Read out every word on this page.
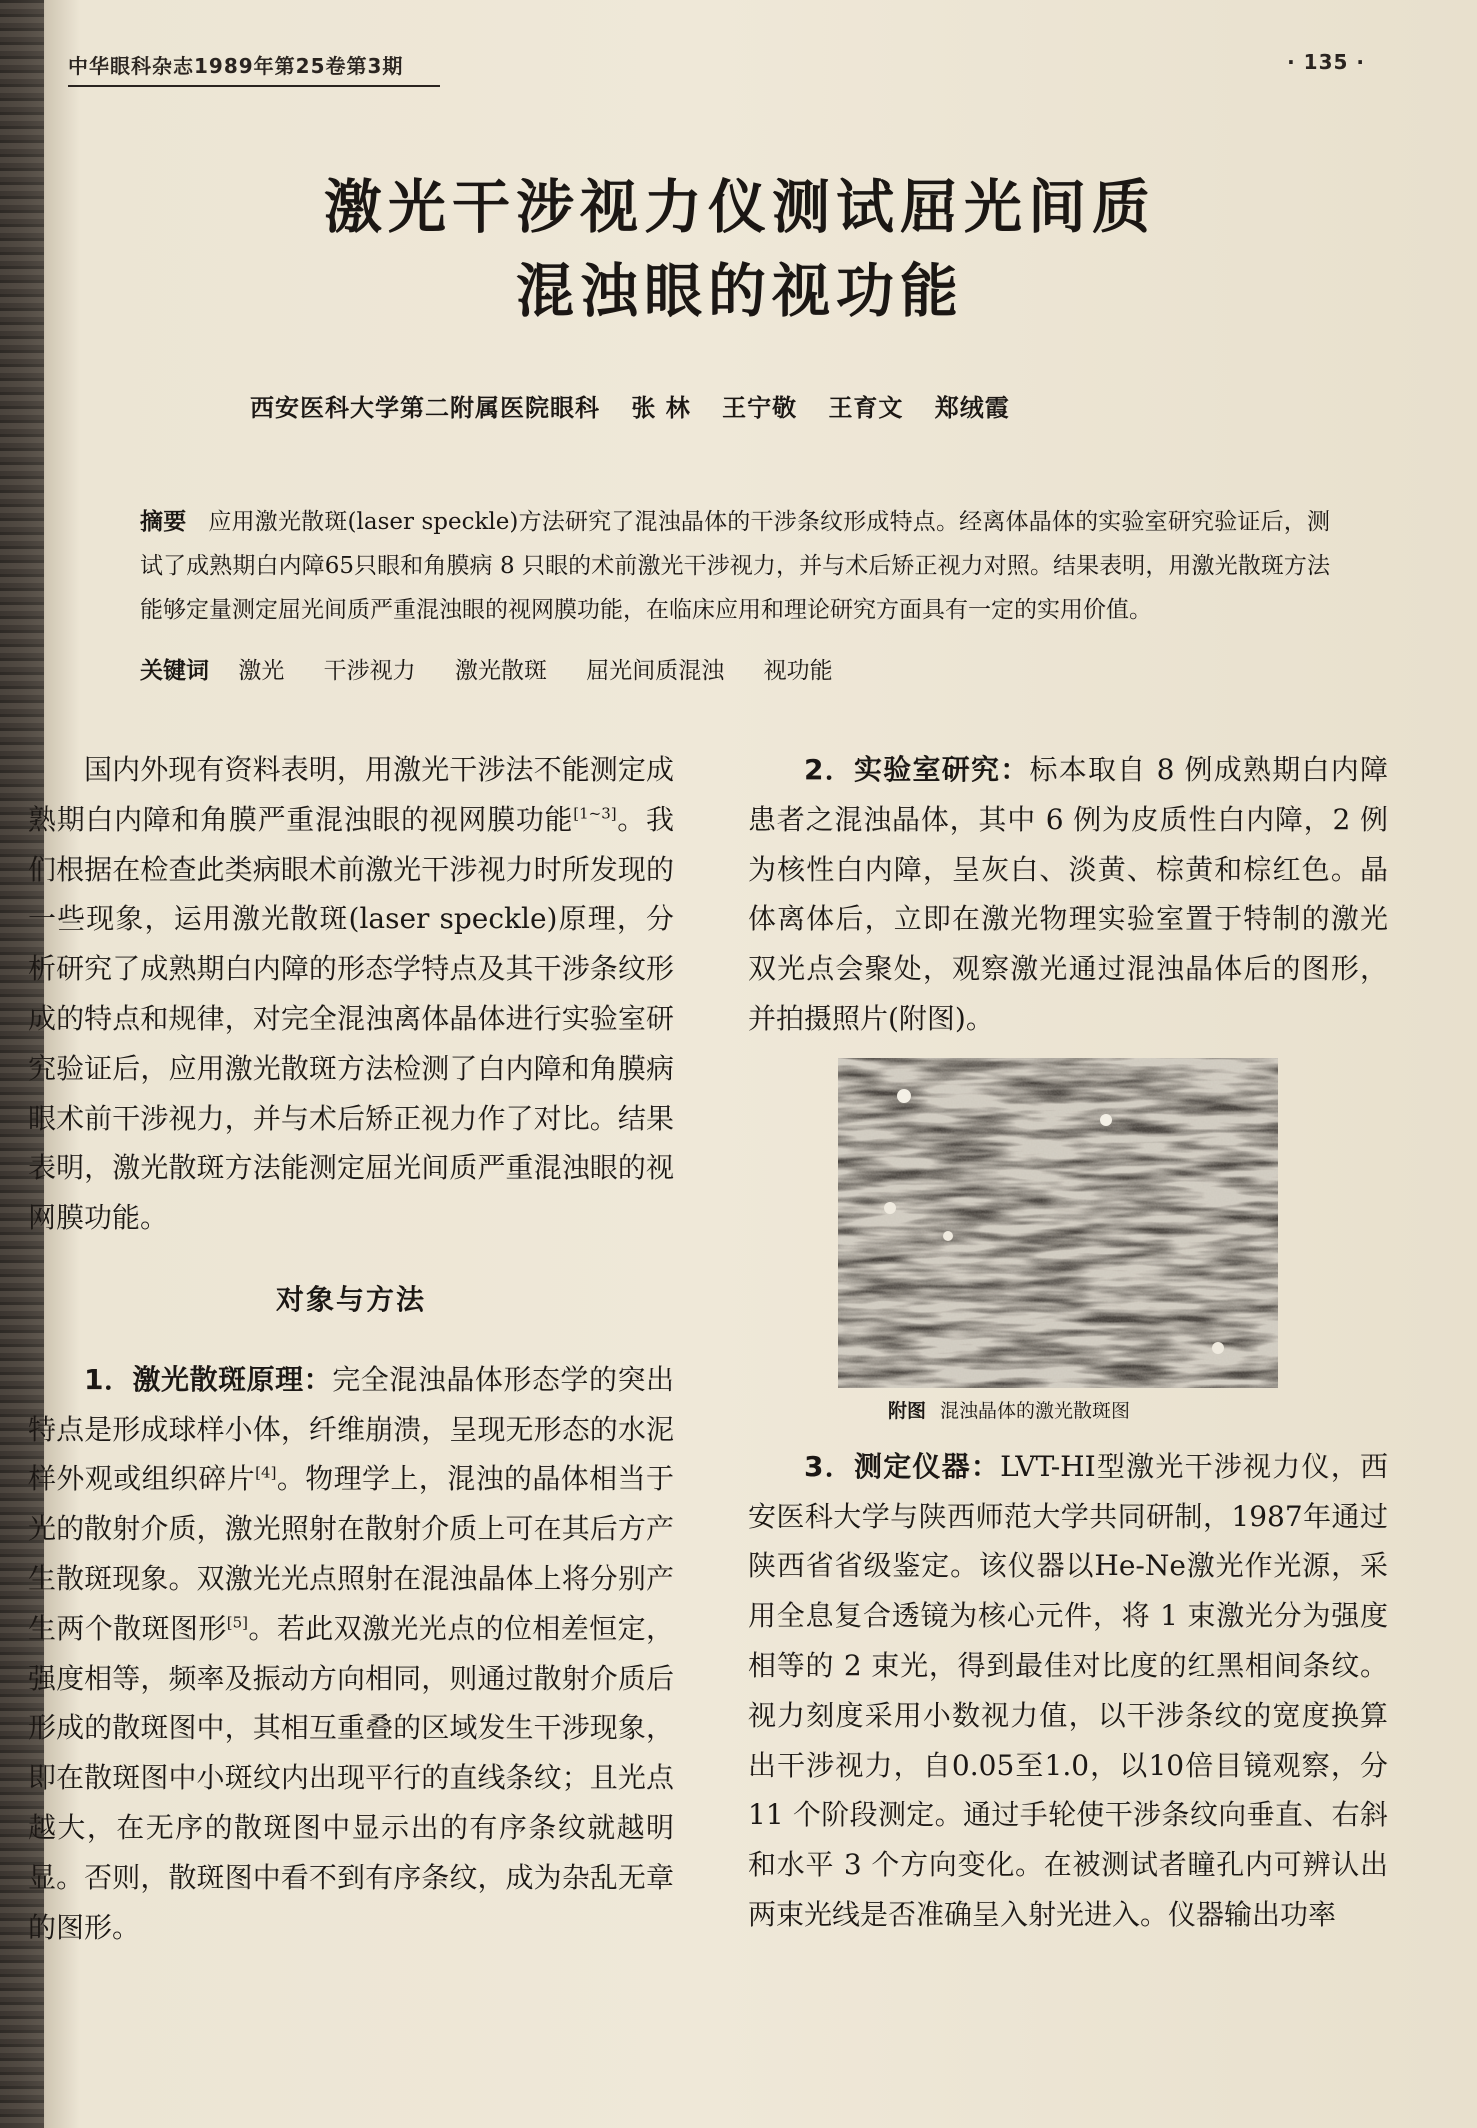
中华眼科杂志1989年第25卷第3期	· 135 ·
激光干涉视力仪测试屈光间质
混浊眼的视功能
西安医科大学第二附属医院眼科 张 林 王宁敬 王育文 郑绒霞
摘要 应用激光散斑(laser speckle)方法研究了混浊晶体的干涉条纹形成特点。经离体晶体的实验室研究验证后，测试了成熟期白内障65只眼和角膜病 8 只眼的术前激光干涉视力，并与术后矫正视力对照。结果表明，用激光散斑方法能够定量测定屈光间质严重混浊眼的视网膜功能，在临床应用和理论研究方面具有一定的实用价值。
关键词 激光 干涉视力 激光散斑 屈光间质混浊 视功能

国内外现有资料表明，用激光干涉法不能测定成熟期白内障和角膜严重混浊眼的视网膜功能[1~3]。我们根据在检查此类病眼术前激光干涉视力时所发现的一些现象，运用激光散斑(laser speckle)原理，分析研究了成熟期白内障的形态学特点及其干涉条纹形成的特点和规律，对完全混浊离体晶体进行实验室研究验证后，应用激光散斑方法检测了白内障和角膜病眼术前干涉视力，并与术后矫正视力作了对比。结果表明，激光散斑方法能测定屈光间质严重混浊眼的视网膜功能。

对象与方法

1．激光散斑原理：完全混浊晶体形态学的突出特点是形成球样小体，纤维崩溃，呈现无形态的水泥样外观或组织碎片[4]。物理学上，混浊的晶体相当于光的散射介质，激光照射在散射介质上可在其后方产生散斑现象。双激光光点照射在混浊晶体上将分别产生两个散斑图形[5]。若此双激光光点的位相差恒定，强度相等，频率及振动方向相同，则通过散射介质后形成的散斑图中，其相互重叠的区域发生干涉现象，即在散斑图中小斑纹内出现平行的直线条纹；且光点越大，在无序的散斑图中显示出的有序条纹就越明显。否则，散斑图中看不到有序条纹，成为杂乱无章的图形。

2．实验室研究：标本取自 8 例成熟期白内障患者之混浊晶体，其中 6 例为皮质性白内障，2 例为核性白内障，呈灰白、淡黄、棕黄和棕红色。晶体离体后，立即在激光物理实验室置于特制的激光双光点会聚处，观察激光通过混浊晶体后的图形，并拍摄照片(附图)。

附图 混浊晶体的激光散斑图

3．测定仪器：LVT-HI型激光干涉视力仪，西安医科大学与陕西师范大学共同研制，1987年通过陕西省省级鉴定。该仪器以He-Ne激光作光源，采用全息复合透镜为核心元件，将 1 束激光分为强度相等的 2 束光，得到最佳对比度的红黑相间条纹。视力刻度采用小数视力值，以干涉条纹的宽度换算出干涉视力，自0.05至1.0，以10倍目镜观察，分 11 个阶段测定。通过手轮使干涉条纹向垂直、右斜和水平 3 个方向变化。在被测试者瞳孔内可辨认出两束光线是否准确呈入射光进入。仪器输出功率
